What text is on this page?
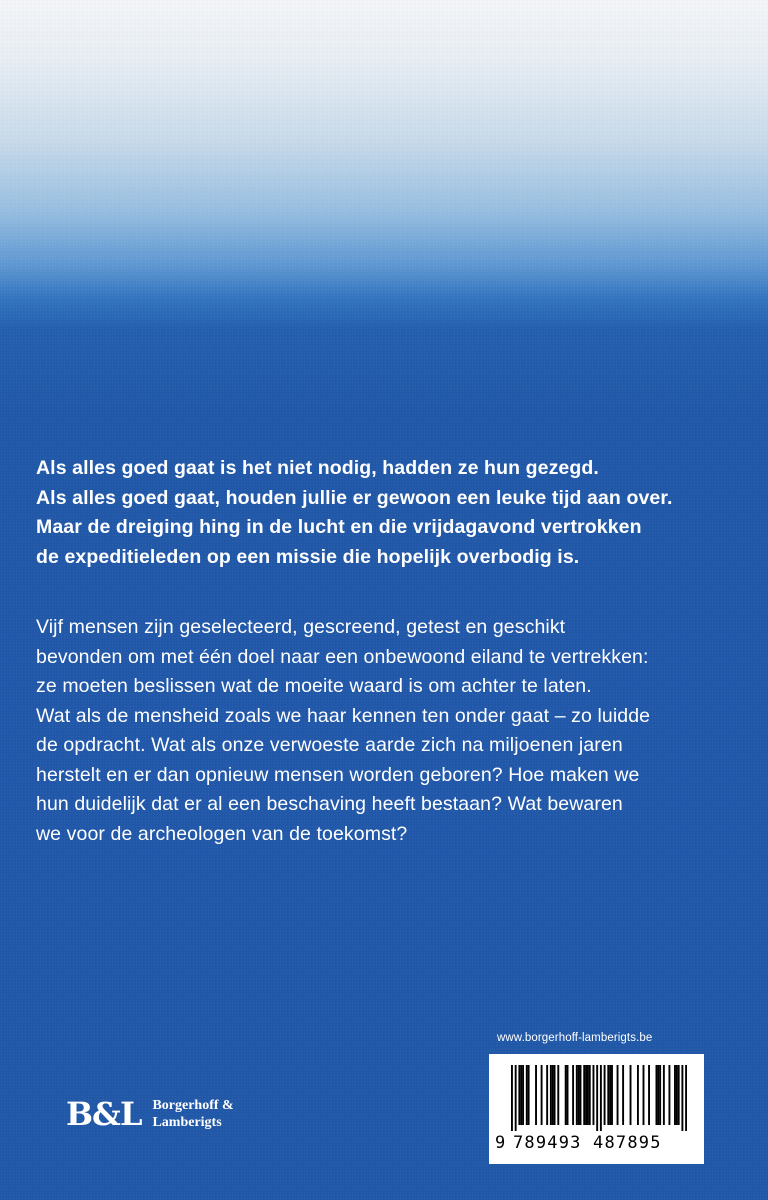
Als alles goed gaat is het niet nodig, hadden ze hun gezegd.

Als alles goed gaat, houden jullie er gewoon een leuke tijd aan over.

Maar de dreiging hing in de lucht en die vrijdagavond vertrokken

de expeditieleden op een missie die hopelijk overbodig is.

Vijf mensen zijn geselecteerd, gescreend, getest en geschikt

bevonden om met één doel naar een onbewoond eiland te vertrekken:

ze moeten beslissen wat de moeite waard is om achter te laten.

Wat als de mensheid zoals we haar kennen ten onder gaat – zo luidde

de opdracht. Wat als onze verwoeste aarde zich na miljoenen jaren

herstelt en er dan opnieuw mensen worden geboren? Hoe maken we

hun duidelijk dat er al een beschaving heeft bestaan? Wat bewaren

we voor de archeologen van de toekomst?

www.borgerhoff-lamberigts.be
9 789493 487895
B&L Borgerhoff &
Lamberigts
